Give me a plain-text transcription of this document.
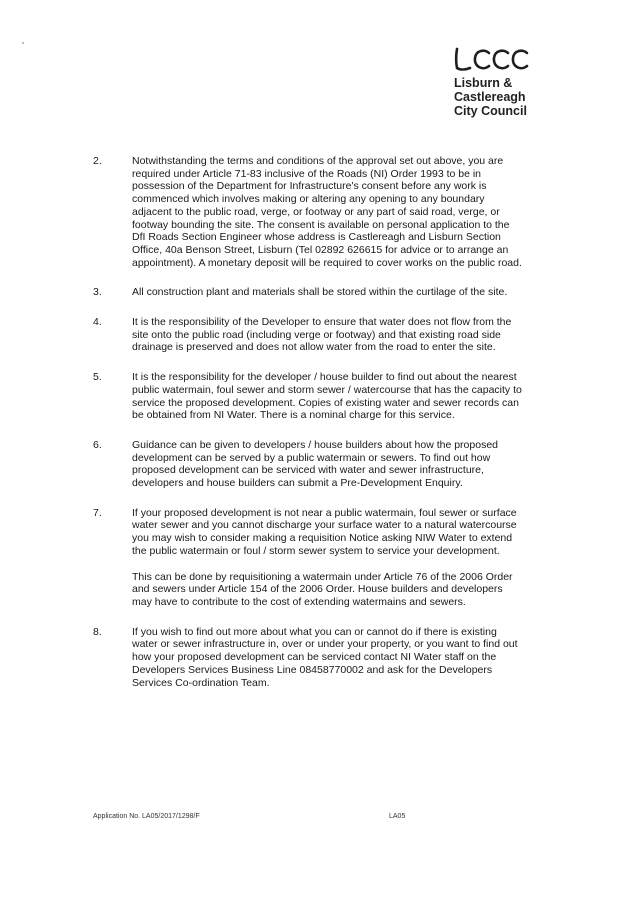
Lisburn &
Castlereagh
City Council
2.	Notwithstanding the terms and conditions of the approval set out above, you are required under Article 71-83 inclusive of the Roads (NI) Order 1993 to be in possession of the Department for Infrastructure's consent before any work is commenced which involves making or altering any opening to any boundary adjacent to the public road, verge, or footway or any part of said road, verge, or footway bounding the site. The consent is available on personal application to the DfI Roads Section Engineer whose address is Castlereagh and Lisburn Section Office, 40a Benson Street, Lisburn (Tel 02892 626615 for advice or to arrange an appointment). A monetary deposit will be required to cover works on the public road.

3.	All construction plant and materials shall be stored within the curtilage of the site.

4.	It is the responsibility of the Developer to ensure that water does not flow from the site onto the public road (including verge or footway) and that existing road side drainage is preserved and does not allow water from the road to enter the site.

5.	It is the responsibility for the developer / house builder to find out about the nearest public watermain, foul sewer and storm sewer / watercourse that has the capacity to service the proposed development. Copies of existing water and sewer records can be obtained from NI Water. There is a nominal charge for this service.

6.	Guidance can be given to developers / house builders about how the proposed development can be served by a public watermain or sewers. To find out how proposed development can be serviced with water and sewer infrastructure, developers and house builders can submit a Pre-Development Enquiry.

7.	If your proposed development is not near a public watermain, foul sewer or surface water sewer and you cannot discharge your surface water to a natural watercourse you may wish to consider making a requisition Notice asking NIW Water to extend the public watermain or foul / storm sewer system to service your development.

This can be done by requisitioning a watermain under Article 76 of the 2006 Order and sewers under Article 154 of the 2006 Order. House builders and developers may have to contribute to the cost of extending watermains and sewers.

8.	If you wish to find out more about what you can or cannot do if there is existing water or sewer infrastructure in, over or under your property, or you want to find out how your proposed development can be serviced contact NI Water staff on the Developers Services Business Line 08458770002 and ask for the Developers Services Co-ordination Team.

Application No. LA05/2017/1298/F	LA05
